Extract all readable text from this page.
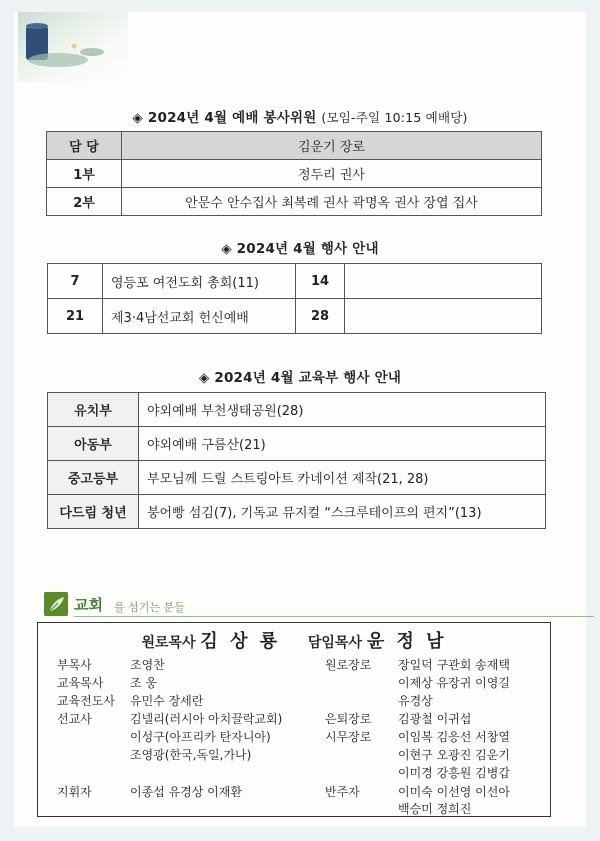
◈ 2024년 4월 예배 봉사위원 (모임-주일 10:15 예배당)
담 당	김운기 장로
1부	정두리 권사
2부	안문수 안수집사 최복례 권사 곽명옥 권사 장엽 집사
◈ 2024년 4월 행사 안내
7	영등포 여전도회 총회(11)	14	
21	제3·4남선교회 헌신예배	28	
◈ 2024년 4월 교육부 행사 안내
유치부	야외예배 부천생태공원(28)
아동부	야외예배 구름산(21)
중고등부	부모님께 드릴 스트링아트 카네이션 제작(21, 28)
다드림 청년	붕어빵 섬김(7), 기독교 뮤지컬 “스크루테이프의 편지”(13)
교회 를 섬기는 분들
원로목사 김 상 룡 담임목사 윤 정 남
부목사	조영찬
교육목사	조 웅
교육전도사	유민수 장세란
선교사	김넬리(러시아 아치끌락교회)
이성구(아프리카 탄자니아)
조영광(한국,독일,가나)
지휘자	이종섭 유경상 이재환
원로장로	장일덕 구관회 송재택
이제상 유장귀 이영길
유경상
은퇴장로	김광철 이귀섭
시무장로	이임복 김응선 서창열
이현구 오광진 김운기
이미경 강흥원 김병갑
반주자	이미숙 이선영 이선아
백승미 정희진
